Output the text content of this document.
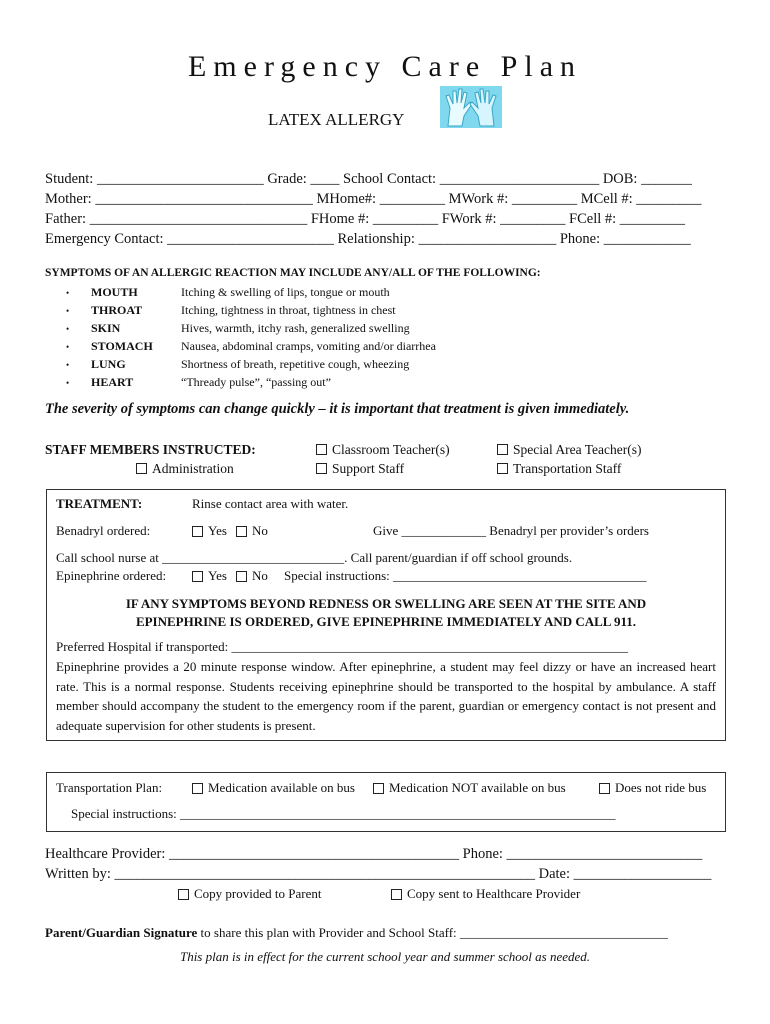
Emergency Care Plan
LATEX ALLERGY
Student: _______________________ Grade: ____ School Contact: ______________________ DOB: _______
Mother: ______________________________ MHome#: _________ MWork #: _________ MCell #: _________
Father: ______________________________ FHome #: _________ FWork #: _________ FCell #: _________
Emergency Contact: _______________________ Relationship: ___________________ Phone: ____________
SYMPTOMS OF AN ALLERGIC REACTION MAY INCLUDE ANY/ALL OF THE FOLLOWING:
• MOUTH	Itching & swelling of lips, tongue or mouth
• THROAT	Itching, tightness in throat, tightness in chest
• SKIN	Hives, warmth, itchy rash, generalized swelling
• STOMACH Nausea, abdominal cramps, vomiting and/or diarrhea
• LUNG	Shortness of breath, repetitive cough, wheezing
• HEART	“Thready pulse”, “passing out”
The severity of symptoms can change quickly – it is important that treatment is given immediately.
STAFF MEMBERS INSTRUCTED:
Administration
Classroom Teacher(s)
Support Staff
Special Area Teacher(s)
Transportation Staff
TREATMENT:	Rinse contact area with water.
Benadryl ordered:	Yes	No	Give _____________ Benadryl per provider’s orders
Call school nurse at ____________________________. Call parent/guardian if off school grounds.
Epinephrine ordered:	Yes	No Special instructions: _______________________________________
IF ANY SYMPTOMS BEYOND REDNESS OR SWELLING ARE SEEN AT THE SITE AND
EPINEPHRINE IS ORDERED, GIVE EPINEPHRINE IMMEDIATELY AND CALL 911.
Preferred Hospital if transported: _____________________________________________________________
Epinephrine provides a 20 minute response window. After epinephrine, a student may feel dizzy or have an increased heart rate. This is a normal response. Students receiving epinephrine should be transported to the hospital by ambulance. A staff member should accompany the student to the emergency room if the parent, guardian or emergency contact is not present and adequate supervision for other students is present.
Transportation Plan:	Medication available on bus	Medication NOT available on bus	Does not ride bus
Special instructions: ___________________________________________________________________
Healthcare Provider: ________________________________________ Phone: ___________________________
Written by: __________________________________________________________ Date: ___________________
Copy provided to Parent	Copy sent to Healthcare Provider
Parent/Guardian Signature to share this plan with Provider and School Staff: ________________________________
This plan is in effect for the current school year and summer school as needed.
